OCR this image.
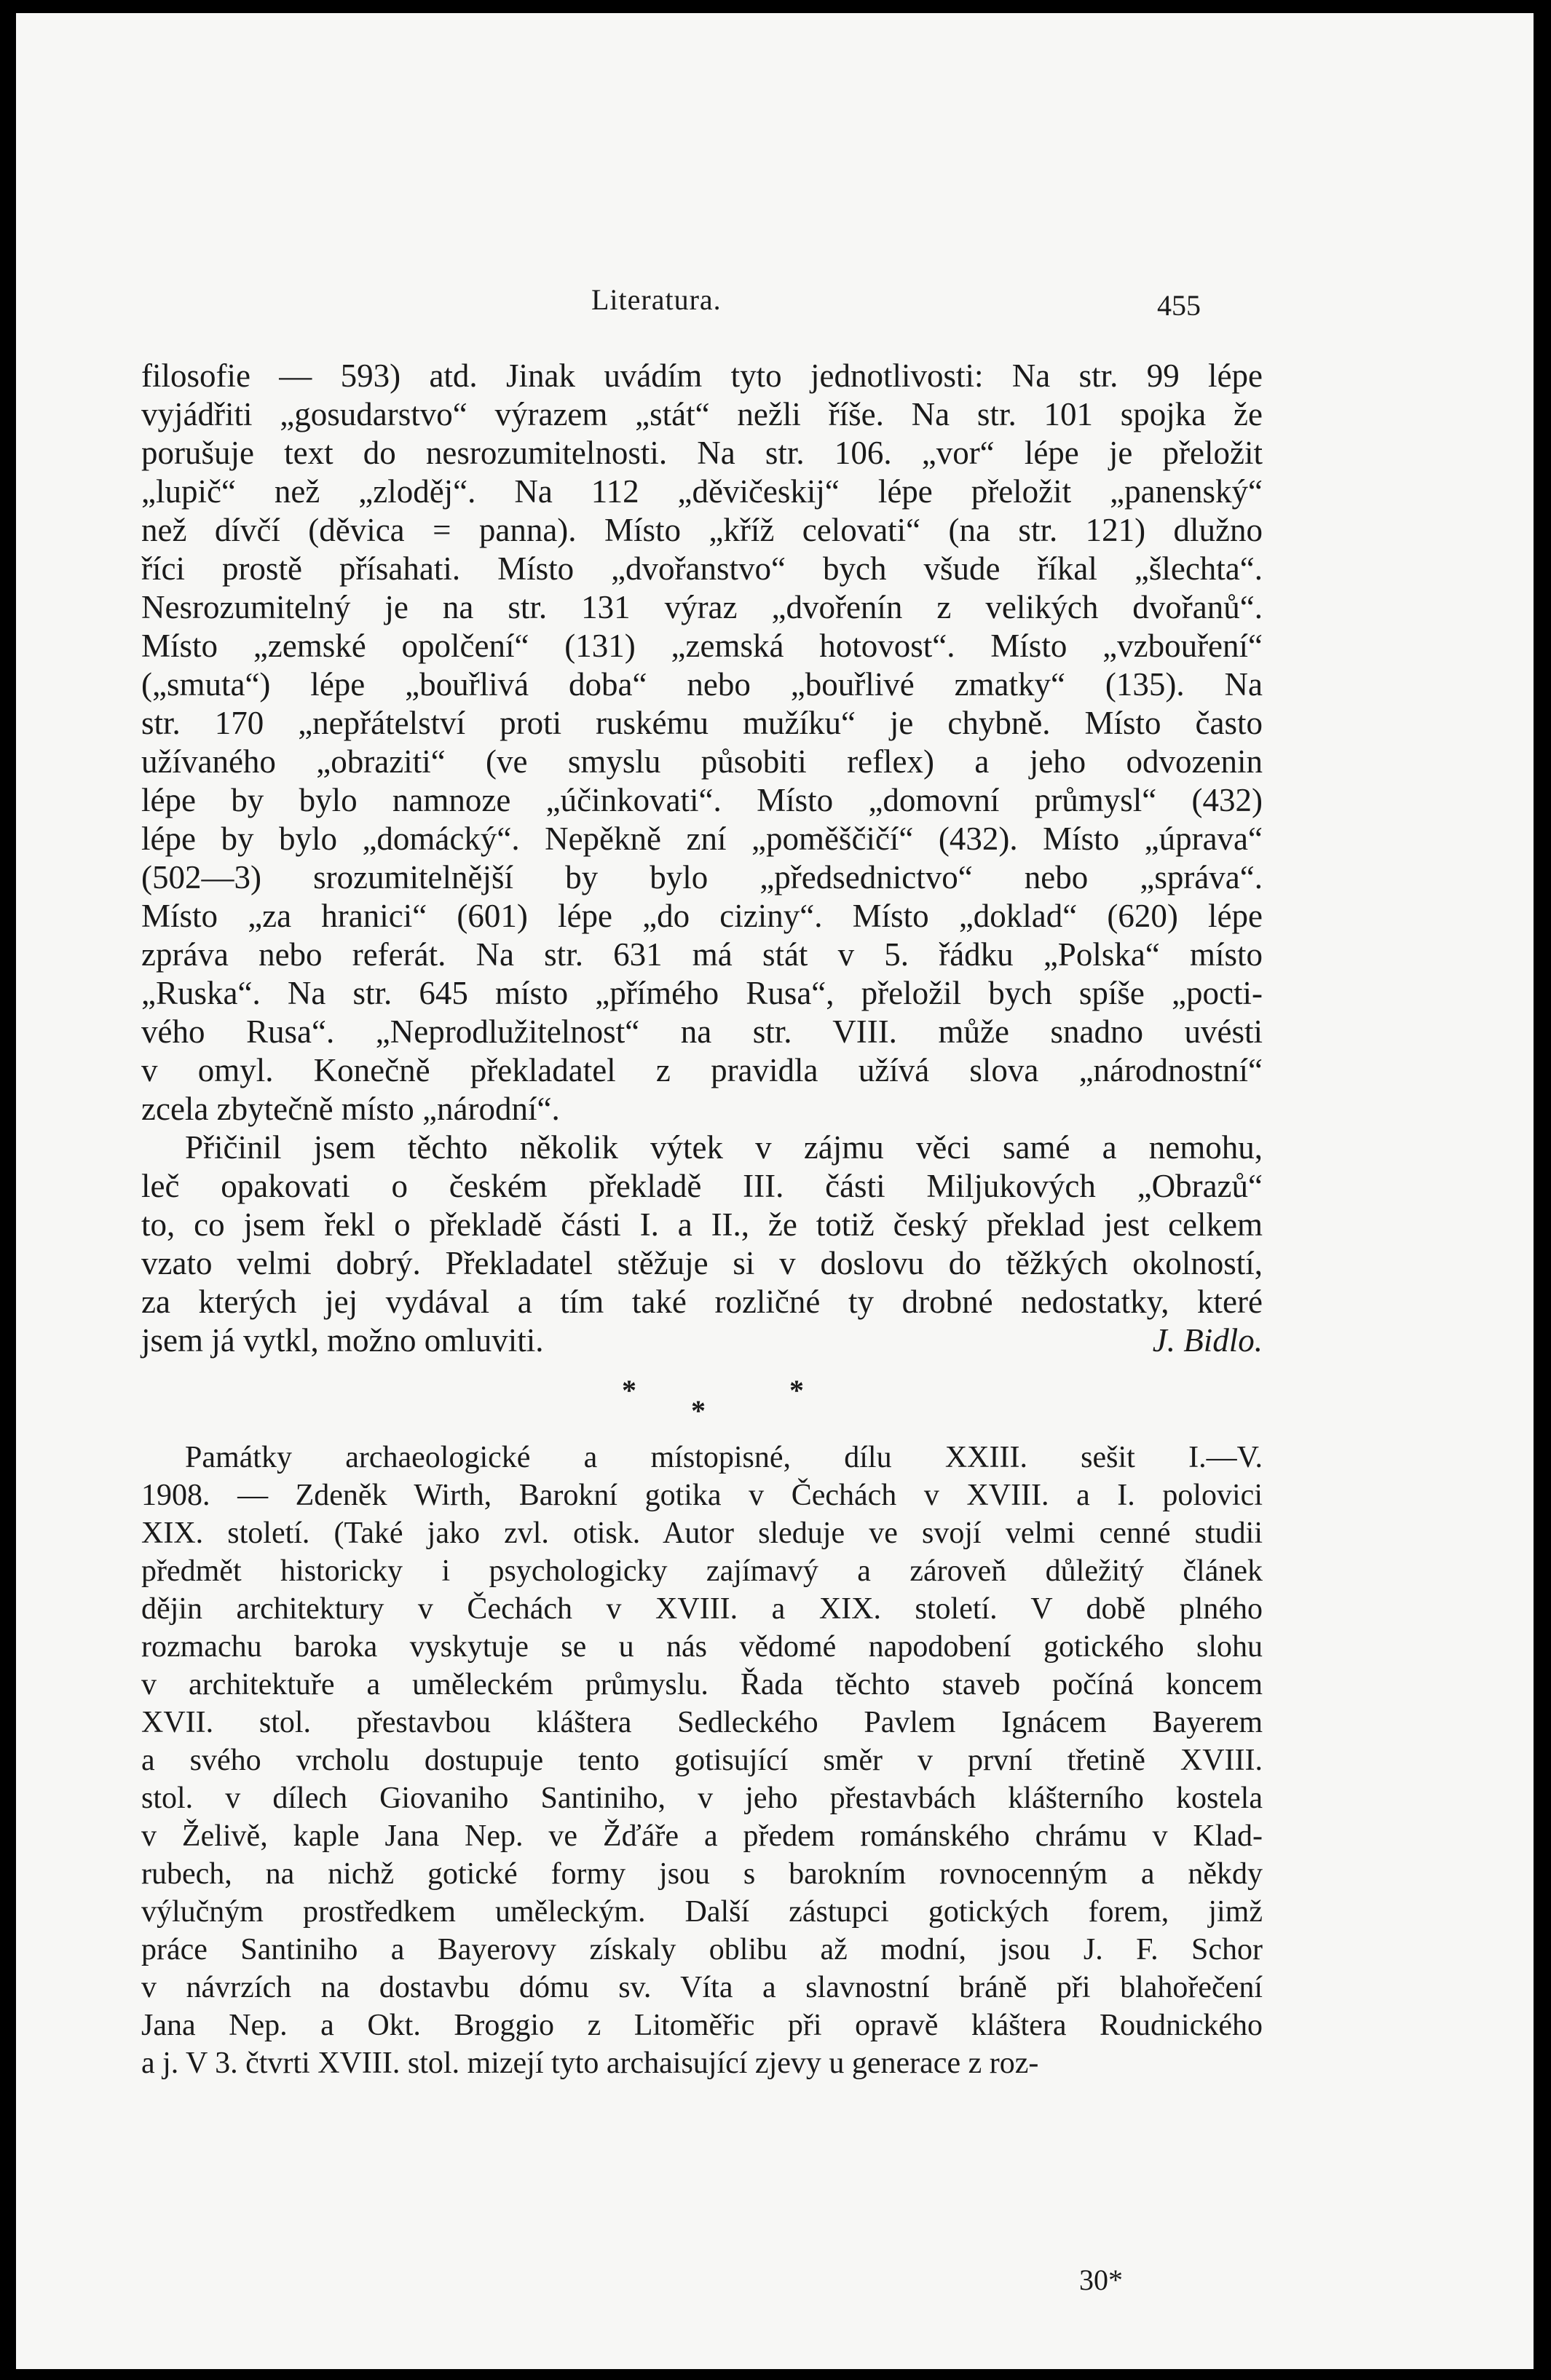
Literatura.	455
filosofie — 593) atd. Jinak uvádím tyto jednotlivosti: Na str. 99 lépe
vyjádřiti „gosudarstvo“ výrazem „stát“ nežli říše. Na str. 101 spojka že
porušuje text do nesrozumitelnosti. Na str. 106. „vor“ lépe je přeložit
„lupič“ než „zloděj“. Na 112 „děvičeskij“ lépe přeložit „panenský“
než dívčí (děvica = panna). Místo „kříž celovati“ (na str. 121) dlužno
říci prostě přísahati. Místo „dvořanstvo“ bych všude říkal „šlechta“.
Nesrozumitelný je na str. 131 výraz „dvořenín z velikých dvořanů“.
Místo „zemské opolčení“ (131) „zemská hotovost“. Místo „vzbouření“
(„smuta“) lépe „bouřlivá doba“ nebo „bouřlivé zmatky“ (135). Na
str. 170 „nepřátelství proti ruskému mužíku“ je chybně. Místo často
užívaného „obraziti“ (ve smyslu působiti reflex) a jeho odvozenin
lépe by bylo namnoze „účinkovati“. Místo „domovní průmysl“ (432)
lépe by bylo „domácký“. Nepěkně zní „poměščičí“ (432). Místo „úprava“
(502—3) srozumitelnější by bylo „předsednictvo“ nebo „správa“.
Místo „za hranici“ (601) lépe „do ciziny“. Místo „doklad“ (620) lépe
zpráva nebo referát. Na str. 631 má stát v 5. řádku „Polska“ místo
„Ruska“. Na str. 645 místo „přímého Rusa“, přeložil bych spíše „pocti-
vého Rusa“. „Neprodlužitelnost“ na str. VIII. může snadno uvésti
v omyl. Konečně překladatel z pravidla užívá slova „národnostní“
zcela zbytečně místo „národní“.
Přičinil jsem těchto několik výtek v zájmu věci samé a nemohu,
leč opakovati o českém překladě III. části Miljukových „Obrazů“
to, co jsem řekl o překladě části I. a II., že totiž český překlad jest celkem
vzato velmi dobrý. Překladatel stěžuje si v doslovu do těžkých okolností,
za kterých jej vydával a tím také rozličné ty drobné nedostatky, které
jsem já vytkl, možno omluviti.	J. Bidlo.
*
*
*
Památky archaeologické a místopisné, dílu XXIII. sešit I.—V.
1908. — Zdeněk Wirth, Barokní gotika v Čechách v XVIII. a I. polovici
XIX. století. (Také jako zvl. otisk. Autor sleduje ve svojí velmi cenné studii
předmět historicky i psychologicky zajímavý a zároveň důležitý článek
dějin architektury v Čechách v XVIII. a XIX. století. V době plného
rozmachu baroka vyskytuje se u nás vědomé napodobení gotického slohu
v architektuře a uměleckém průmyslu. Řada těchto staveb počíná koncem
XVII. stol. přestavbou kláštera Sedleckého Pavlem Ignácem Bayerem
a svého vrcholu dostupuje tento gotisující směr v první třetině XVIII.
stol. v dílech Giovaniho Santiniho, v jeho přestavbách klášterního kostela
v Želivě, kaple Jana Nep. ve Žďáře a předem románského chrámu v Klad-
rubech, na nichž gotické formy jsou s barokním rovnocenným a někdy
výlučným prostředkem uměleckým. Další zástupci gotických forem, jimž
práce Santiniho a Bayerovy získaly oblibu až modní, jsou J. F. Schor
v návrzích na dostavbu dómu sv. Víta a slavnostní bráně při blahořečení
Jana Nep. a Okt. Broggio z Litoměřic při opravě kláštera Roudnického
a j. V 3. čtvrti XVIII. stol. mizejí tyto archaisující zjevy u generace z roz-
30*
